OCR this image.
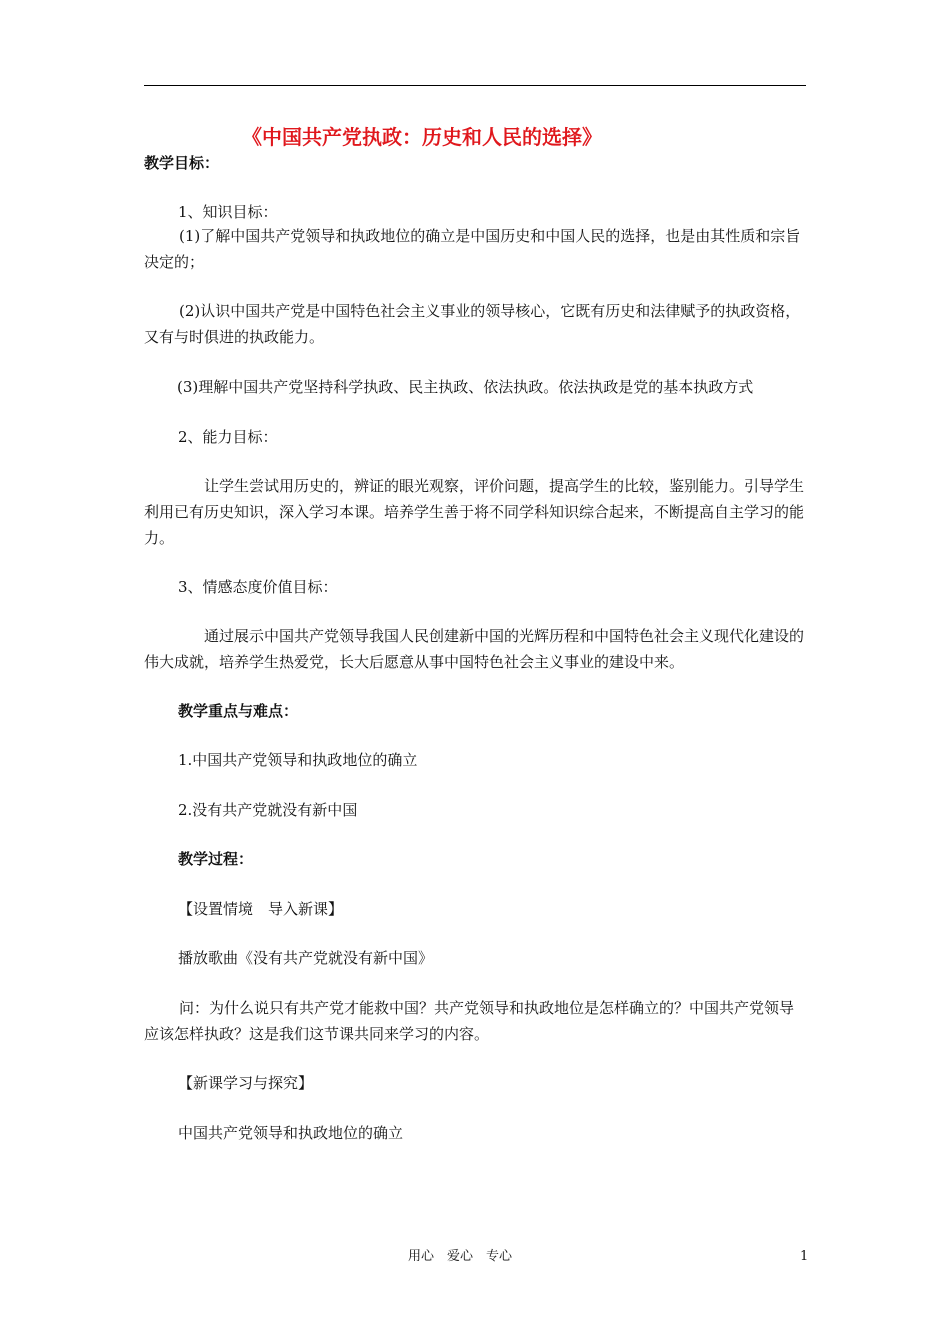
《中国共产党执政：历史和人民的选择》
教学目标：
1、知识目标：
(1)了解中国共产党领导和执政地位的确立是中国历史和中国人民的选择，也是由其性质和宗旨决定的；
(2)认识中国共产党是中国特色社会主义事业的领导核心，它既有历史和法律赋予的执政资格，又有与时俱进的执政能力。
(3)理解中国共产党坚持科学执政、民主执政、依法执政。依法执政是党的基本执政方式
2、能力目标：
让学生尝试用历史的，辨证的眼光观察，评价问题，提高学生的比较，鉴别能力。引导学生利用已有历史知识，深入学习本课。培养学生善于将不同学科知识综合起来，不断提高自主学习的能力。
3、情感态度价值目标：
通过展示中国共产党领导我国人民创建新中国的光辉历程和中国特色社会主义现代化建设的伟大成就，培养学生热爱党，长大后愿意从事中国特色社会主义事业的建设中来。
教学重点与难点：
1.中国共产党领导和执政地位的确立
2.没有共产党就没有新中国
教学过程：
【设置情境　导入新课】
播放歌曲《没有共产党就没有新中国》
问：为什么说只有共产党才能救中国？共产党领导和执政地位是怎样确立的？中国共产党领导应该怎样执政？这是我们这节课共同来学习的内容。
【新课学习与探究】
中国共产党领导和执政地位的确立
用心　爱心　专心	1
